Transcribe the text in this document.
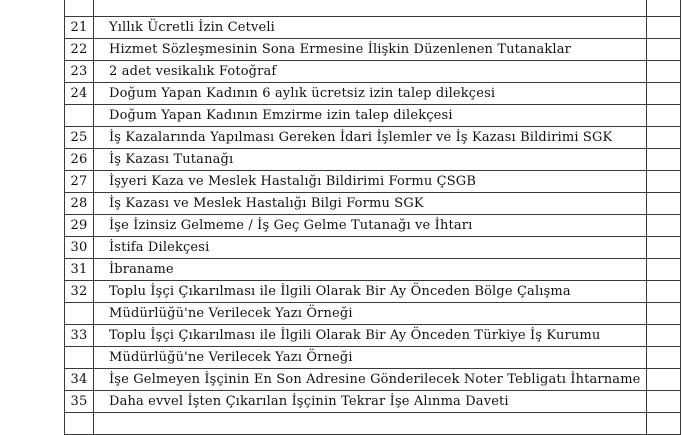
21	Yıllık Ücretli İzin Cetveli	
22	Hizmet Sözleşmesinin Sona Ermesine İlişkin Düzenlenen Tutanaklar	
23	2 adet vesikalık Fotoğraf	
24	Doğum Yapan Kadının 6 aylık ücretsiz izin talep dilekçesi	
	Doğum Yapan Kadının Emzirme izin talep dilekçesi	
25	İş Kazalarında Yapılması Gereken İdari İşlemler ve İş Kazası Bildirimi SGK	
26	İş Kazası Tutanağı	
27	İşyeri Kaza ve Meslek Hastalığı Bildirimi Formu ÇSGB	
28	İş Kazası ve Meslek Hastalığı Bilgi Formu SGK	
29	İşe İzinsiz Gelmeme / İş Geç Gelme Tutanağı ve İhtarı	
30	İstifa Dilekçesi	
31	İbraname	
32	Toplu İşçi Çıkarılması ile İlgili Olarak Bir Ay Önceden Bölge Çalışma	
	Müdürlüğü'ne Verilecek Yazı Örneği	
33	Toplu İşçi Çıkarılması ile İlgili Olarak Bir Ay Önceden Türkiye İş Kurumu	
	Müdürlüğü'ne Verilecek Yazı Örneği	
34	İşe Gelmeyen İşçinin En Son Adresine Gönderilecek Noter Tebligatı İhtarname	
35	Daha evvel İşten Çıkarılan İşçinin Tekrar İşe Alınma Daveti	
